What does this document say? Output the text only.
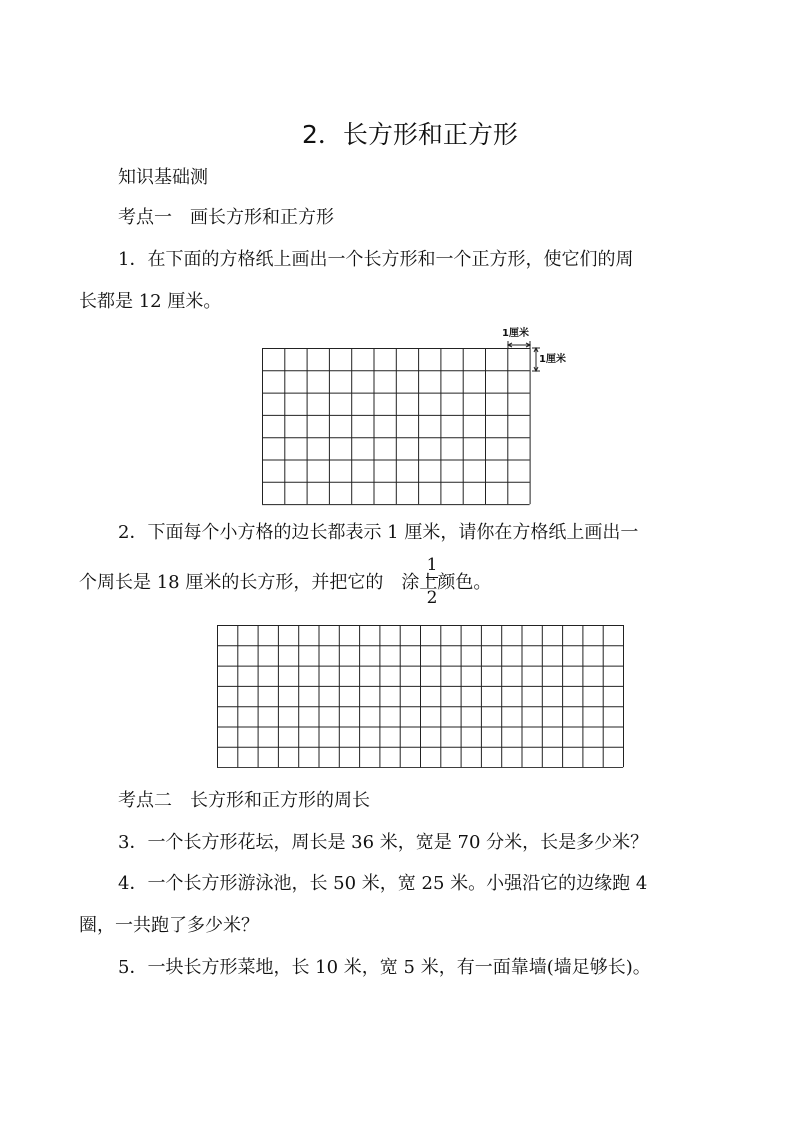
2．长方形和正方形
知识基础测
考点一　画长方形和正方形
1．在下面的方格纸上画出一个长方形和一个正方形，使它们的周
长都是 12 厘米。
1厘米
1厘米
2．下面每个小方格的边长都表示 1 厘米，请你在方格纸上画出一
个周长是 18 厘米的长方形，并把它的 涂上颜色。
1
2
考点二　长方形和正方形的周长
3．一个长方形花坛，周长是 36 米，宽是 70 分米，长是多少米？
4．一个长方形游泳池，长 50 米，宽 25 米。小强沿它的边缘跑 4
圈，一共跑了多少米？
5．一块长方形菜地，长 10 米，宽 5 米，有一面靠墙(墙足够长)。
